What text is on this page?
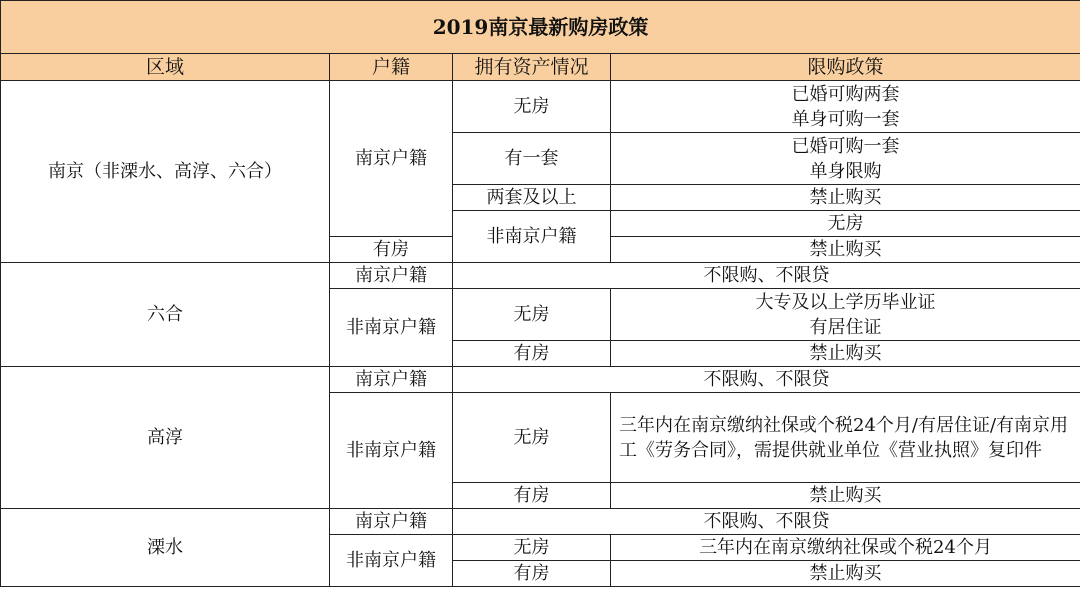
2019南京最新购房政策				
区域	户籍	拥有资产情况	限购政策	
南京（非溧水、高淳、六合）	南京户籍	无房	已婚可购两套
单身可购一套	

		有一套	已婚可购一套
单身限购	

		两套及以上	禁止购买	
		非南京户籍	无房	
	有房		禁止购买	

六合	南京户籍	不限购、不限贷		
	非南京户籍	无房	大专及以上学历毕业证
有居住证	

		有房	禁止购买	
高淳	南京户籍	不限购、不限贷		
	非南京户籍	无房	三年内在南京缴纳社保或个税24个月/有居住证/有南京用工《劳务合同》，需提供就业单位《营业执照》复印件	

		有房	禁止购买	
溧水	南京户籍	不限购、不限贷		
	非南京户籍	无房	三年内在南京缴纳社保或个税24个月	
		有房	禁止购买	
